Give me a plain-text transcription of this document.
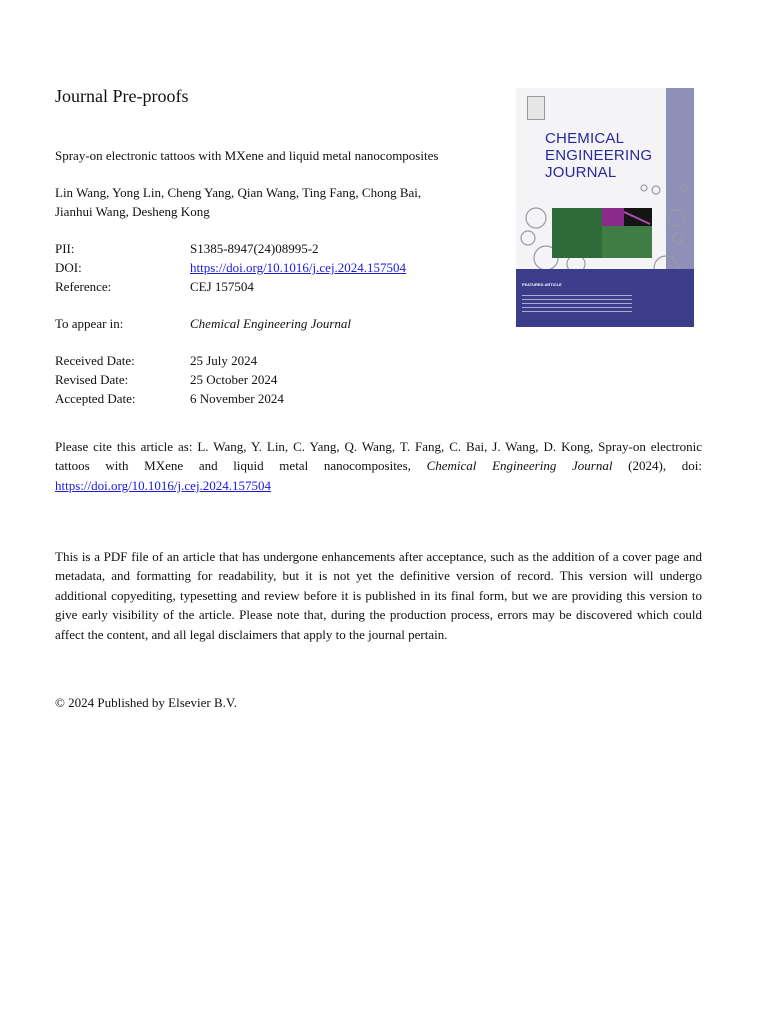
Journal Pre-proofs
Spray-on electronic tattoos with MXene and liquid metal nanocomposites
Lin Wang, Yong Lin, Cheng Yang, Qian Wang, Ting Fang, Chong Bai,
Jianhui Wang, Desheng Kong
PII:	S1385-8947(24)08995-2
DOI:	https://doi.org/10.1016/j.cej.2024.157504
Reference:	CEJ 157504
To appear in:	Chemical Engineering Journal
Received Date:	25 July 2024
Revised Date:	25 October 2024
Accepted Date:	6 November 2024
Please cite this article as: L. Wang, Y. Lin, C. Yang, Q. Wang, T. Fang, C. Bai, J. Wang, D. Kong, Spray-on electronic tattoos with MXene and liquid metal nanocomposites, Chemical Engineering Journal (2024), doi: https://doi.org/10.1016/j.cej.2024.157504
This is a PDF file of an article that has undergone enhancements after acceptance, such as the addition of a cover page and metadata, and formatting for readability, but it is not yet the definitive version of record. This version will undergo additional copyediting, typesetting and review before it is published in its final form, but we are providing this version to give early visibility of the article. Please note that, during the production process, errors may be discovered which could affect the content, and all legal disclaimers that apply to the journal pertain.
© 2024 Published by Elsevier B.V.
CHEMICAL
ENGINEERING
JOURNAL
FEATURED ARTICLE
